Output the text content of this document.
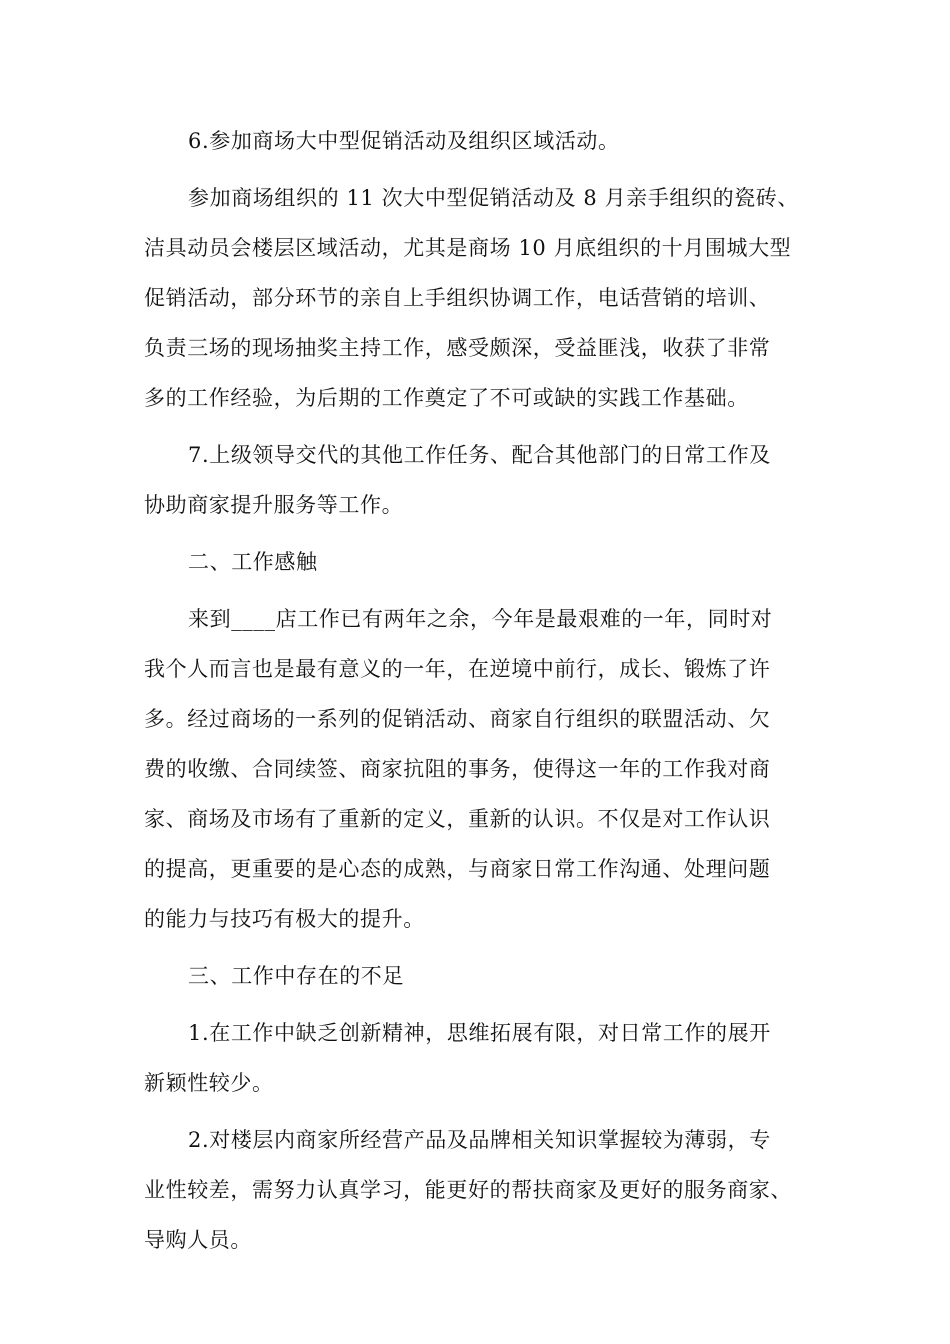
6.参加商场大中型促销活动及组织区域活动。
参加商场组织的 11 次大中型促销活动及 8 月亲手组织的瓷砖、
洁具动员会楼层区域活动，尤其是商场 10 月底组织的十月围城大型
促销活动，部分环节的亲自上手组织协调工作，电话营销的培训、
负责三场的现场抽奖主持工作，感受颇深，受益匪浅，收获了非常
多的工作经验，为后期的工作奠定了不可或缺的实践工作基础。
7.上级领导交代的其他工作任务、配合其他部门的日常工作及
协助商家提升服务等工作。
二、工作感触
来到____店工作已有两年之余，今年是最艰难的一年，同时对
我个人而言也是最有意义的一年，在逆境中前行，成长、锻炼了许
多。经过商场的一系列的促销活动、商家自行组织的联盟活动、欠
费的收缴、合同续签、商家抗阻的事务，使得这一年的工作我对商
家、商场及市场有了重新的定义，重新的认识。不仅是对工作认识
的提高，更重要的是心态的成熟，与商家日常工作沟通、处理问题
的能力与技巧有极大的提升。
三、工作中存在的不足
1.在工作中缺乏创新精神，思维拓展有限，对日常工作的展开
新颖性较少。
2.对楼层内商家所经营产品及品牌相关知识掌握较为薄弱，专
业性较差，需努力认真学习，能更好的帮扶商家及更好的服务商家、
导购人员。
